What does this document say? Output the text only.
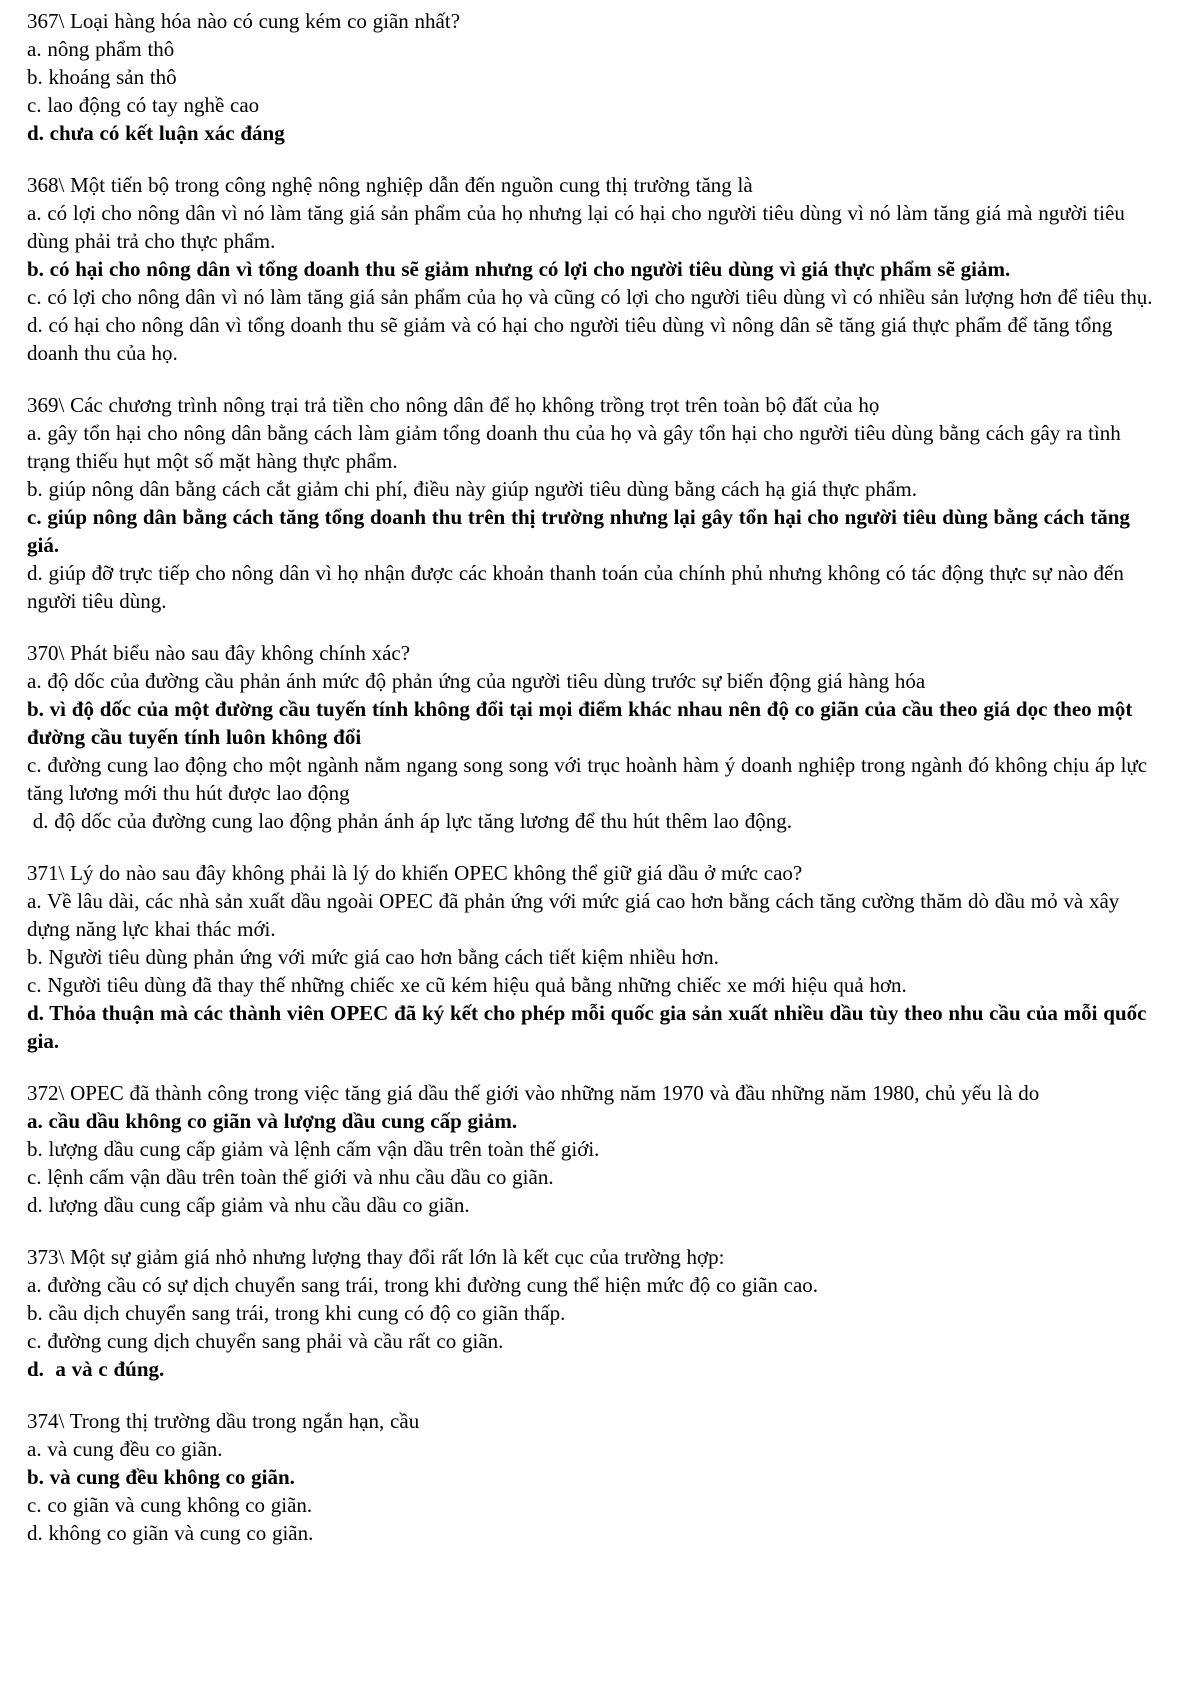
367\ Loại hàng hóa nào có cung kém co giãn nhất?

a. nông phẩm thô

b. khoáng sản thô

c. lao động có tay nghề cao

d. chưa có kết luận xác đáng

368\ Một tiến bộ trong công nghệ nông nghiệp dẫn đến nguồn cung thị trường tăng là

a. có lợi cho nông dân vì nó làm tăng giá sản phẩm của họ nhưng lại có hại cho người tiêu dùng vì nó làm tăng giá mà người tiêu dùng phải trả cho thực phẩm.

b. có hại cho nông dân vì tổng doanh thu sẽ giảm nhưng có lợi cho người tiêu dùng vì giá thực phẩm sẽ giảm.

c. có lợi cho nông dân vì nó làm tăng giá sản phẩm của họ và cũng có lợi cho người tiêu dùng vì có nhiều sản lượng hơn để tiêu thụ.

d. có hại cho nông dân vì tổng doanh thu sẽ giảm và có hại cho người tiêu dùng vì nông dân sẽ tăng giá thực phẩm để tăng tổng doanh thu của họ.

369\ Các chương trình nông trại trả tiền cho nông dân để họ không trồng trọt trên toàn bộ đất của họ

a. gây tổn hại cho nông dân bằng cách làm giảm tổng doanh thu của họ và gây tổn hại cho người tiêu dùng bằng cách gây ra tình trạng thiếu hụt một số mặt hàng thực phẩm.

b. giúp nông dân bằng cách cắt giảm chi phí, điều này giúp người tiêu dùng bằng cách hạ giá thực phẩm.

c. giúp nông dân bằng cách tăng tổng doanh thu trên thị trường nhưng lại gây tổn hại cho người tiêu dùng bằng cách tăng giá.

d. giúp đỡ trực tiếp cho nông dân vì họ nhận được các khoản thanh toán của chính phủ nhưng không có tác động thực sự nào đến người tiêu dùng.

370\ Phát biểu nào sau đây không chính xác?

a. độ dốc của đường cầu phản ánh mức độ phản ứng của người tiêu dùng trước sự biến động giá hàng hóa

b. vì độ dốc của một đường cầu tuyến tính không đổi tại mọi điểm khác nhau nên độ co giãn của cầu theo giá dọc theo một đường cầu tuyến tính luôn không đổi

c. đường cung lao động cho một ngành nằm ngang song song với trục hoành hàm ý doanh nghiệp trong ngành đó không chịu áp lực tăng lương mới thu hút được lao động

d. độ dốc của đường cung lao động phản ánh áp lực tăng lương để thu hút thêm lao động.

371\ Lý do nào sau đây không phải là lý do khiến OPEC không thể giữ giá dầu ở mức cao?

a. Về lâu dài, các nhà sản xuất dầu ngoài OPEC đã phản ứng với mức giá cao hơn bằng cách tăng cường thăm dò dầu mỏ và xây dựng năng lực khai thác mới.

b. Người tiêu dùng phản ứng với mức giá cao hơn bằng cách tiết kiệm nhiều hơn.

c. Người tiêu dùng đã thay thế những chiếc xe cũ kém hiệu quả bằng những chiếc xe mới hiệu quả hơn.

d. Thỏa thuận mà các thành viên OPEC đã ký kết cho phép mỗi quốc gia sản xuất nhiều dầu tùy theo nhu cầu của mỗi quốc gia.

372\ OPEC đã thành công trong việc tăng giá dầu thế giới vào những năm 1970 và đầu những năm 1980, chủ yếu là do

a. cầu dầu không co giãn và lượng dầu cung cấp giảm.

b. lượng dầu cung cấp giảm và lệnh cấm vận dầu trên toàn thế giới.

c. lệnh cấm vận dầu trên toàn thế giới và nhu cầu dầu co giãn.

d. lượng dầu cung cấp giảm và nhu cầu dầu co giãn.

373\ Một sự giảm giá nhỏ nhưng lượng thay đổi rất lớn là kết cục của trường hợp:

a. đường cầu có sự dịch chuyển sang trái, trong khi đường cung thể hiện mức độ co giãn cao.

b. cầu dịch chuyển sang trái, trong khi cung có độ co giãn thấp.

c. đường cung dịch chuyển sang phải và cầu rất co giãn.

d.  a và c đúng.

374\ Trong thị trường dầu trong ngắn hạn, cầu

a. và cung đều co giãn.

b. và cung đều không co giãn.

c. co giãn và cung không co giãn.

d. không co giãn và cung co giãn.
